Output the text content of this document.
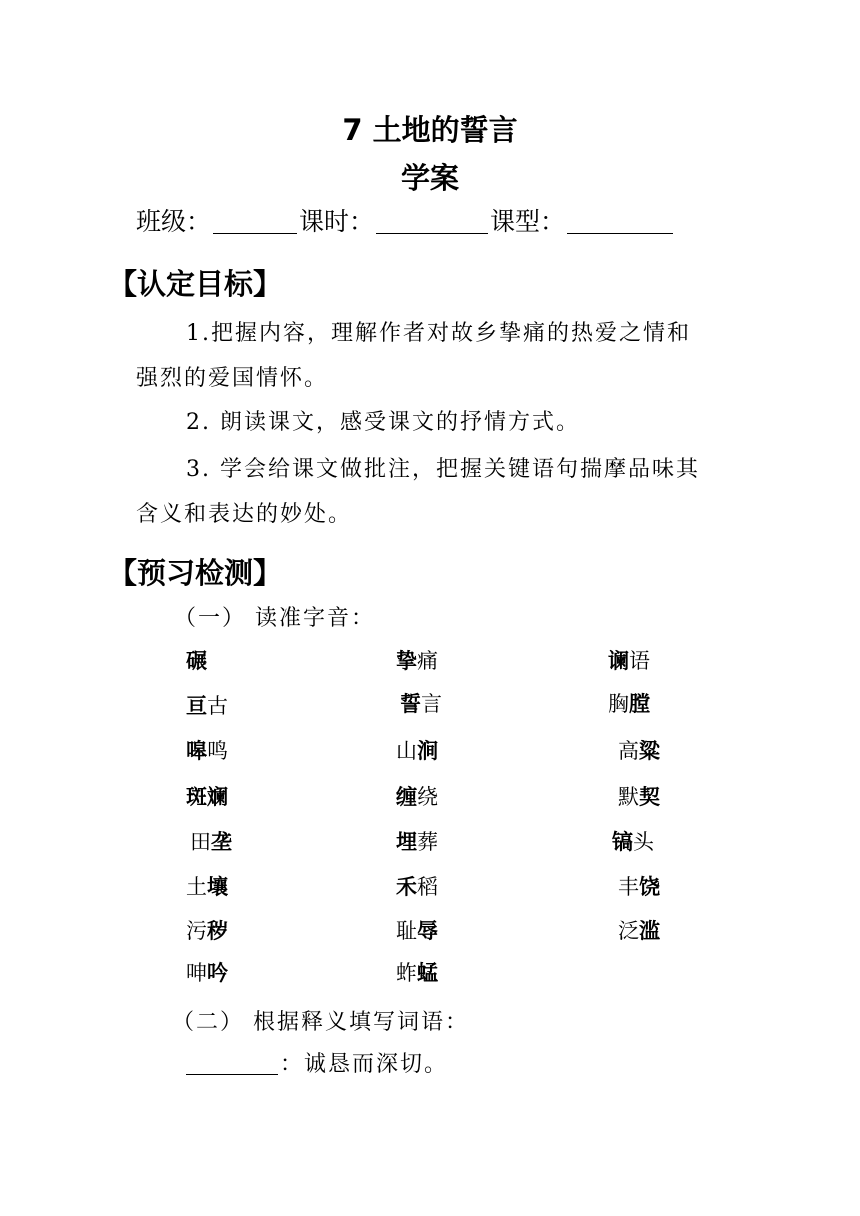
7 土地的誓言
学案
班级：	课时：	课型：
【认定目标】
1.把握内容，理解作者对故乡挚痛的热爱之情和
强烈的爱国情怀。
2. 朗读课文，感受课文的抒情方式。
3. 学会给课文做批注，把握关键语句揣摩品味其
含义和表达的妙处。
【预习检测】
（一） 读准字音：
碾	挚痛	谰语
亘古	誓言	胸膛
嗥鸣	山涧	高粱
斑斓	缠绕	默契
田垄	埋葬	镐头
土壤	禾稻	丰饶
污秽	耻辱	泛滥
呻吟	蚱蜢
（二） 根据释义填写词语：
：诚恳而深切。
